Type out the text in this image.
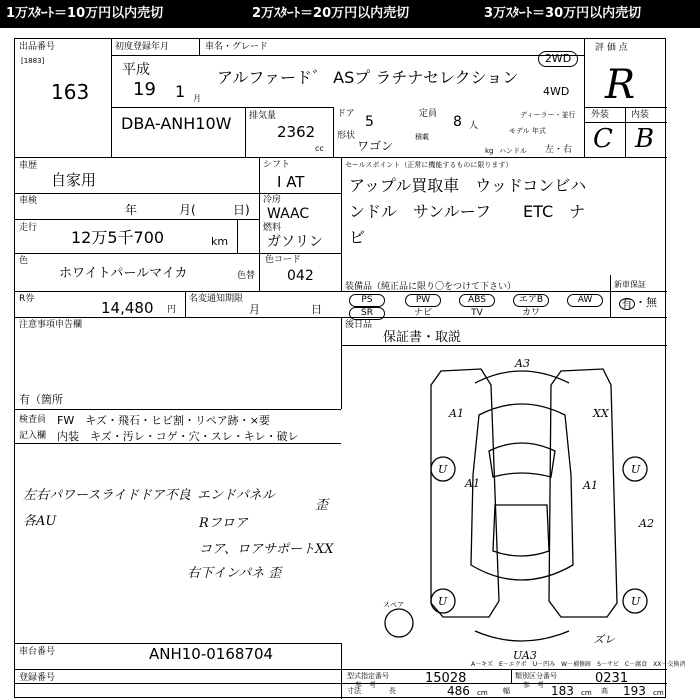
1万ｽﾀｰﾄ＝10万円以内売切	2万ｽﾀｰﾄ＝20万円以内売切	3万ｽﾀｰﾄ＝30万円以内売切
出品番号
[1883]
163
初度登録年月
平成
19 1 月
車名・グレード
アルファード゛ ASプ ラチナセレクション
2WD
4WD
評 価 点
R
DBA-ANH10W 排気量
2362
cc
ドア 5	定員 8 人
ディーラー・並行
形状
ワゴン
積載
kg
モデル 年式
ハンドル 左・右
外装 内装
C B
車歴
自家用
車検
年	月(	日)
走行 12万5千700	km
シフト
I AT
冷房
WAAC
燃料
ガソリン
セールスポイント（正常に機能するものに限ります）
アップル買取車　ウッドコンビハ
ンドル　サンルーフ　　ETC　ナ
ビ
色
ホワイトパールマイカ	色替
色コード
042
R券	14,480 円
名変通知期限
月	日
装備品（純正品に限り〇をつけて下さい）	新車保証
有 ・無
PS	PW	ABS	エアB	AW
SR	ナビ	TV	カワ
注意事項申告欄	後日品
保証書・取説
有（箇所
検査員
記入欄
FW　キズ・飛石・ヒビ割・リペア跡・×要
内装　キズ・汚レ・コゲ・穴・スレ・キレ・破レ
左右パワースライドドア不良 エンドパネル
歪
各AU	Rフロア
コア、ロアサポートXX
右下インパネ 歪
A3
A1	XX
A1	A1
A2
U	U
U	U
ズレ
UA3
スペア
A－キズ　E－エクボ　U－凹み　W－補修跡　S－サビ　C－腐食　XX－交換済
車台番号	ANH10-0168704
登録番号	型式指定番号
参　考	15028	類別区分番号
参　考	0231
寸法	長	486 cm 幅	183 cm 高 193 cm
